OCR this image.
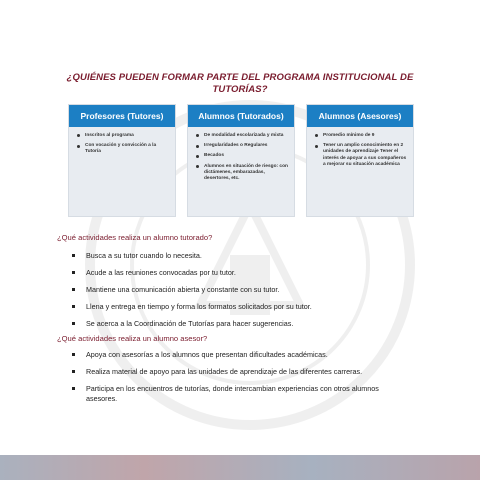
¿QUIÉNES PUEDEN FORMAR PARTE DEL PROGRAMA INSTITUCIONAL DE TUTORÍAS?
Profesores (Tutores)
Inscritos al programa
Con vocación y convicción a la Tutoría
Alumnos (Tutorados)
De modalidad escolarizada y mixta
Irregularidades o Regulares
Becados
Alumnos en situación de riesgo: con dictámenes, embarazadas, desertores, etc.
Alumnos (Asesores)
Promedio mínimo de 9
Tener un amplio conocimiento en 2 unidades de aprendizaje Tener el interés de apoyar a sus compañeros a mejorar su situación académica
¿Qué actividades realiza un alumno tutorado?
Busca a su tutor cuando lo necesita.
Acude a las reuniones convocadas por tu tutor.
Mantiene una comunicación abierta y constante con su tutor.
Llena y entrega en tiempo y forma los formatos solicitados por su tutor.
Se acerca a la Coordinación de Tutorías para hacer sugerencias.
¿Qué actividades realiza un alumno asesor?
Apoya con asesorías a los alumnos que presentan dificultades académicas.
Realiza material de apoyo para las unidades de aprendizaje de las diferentes carreras.
Participa en los encuentros de tutorías, donde intercambian experiencias con otros alumnos asesores.
